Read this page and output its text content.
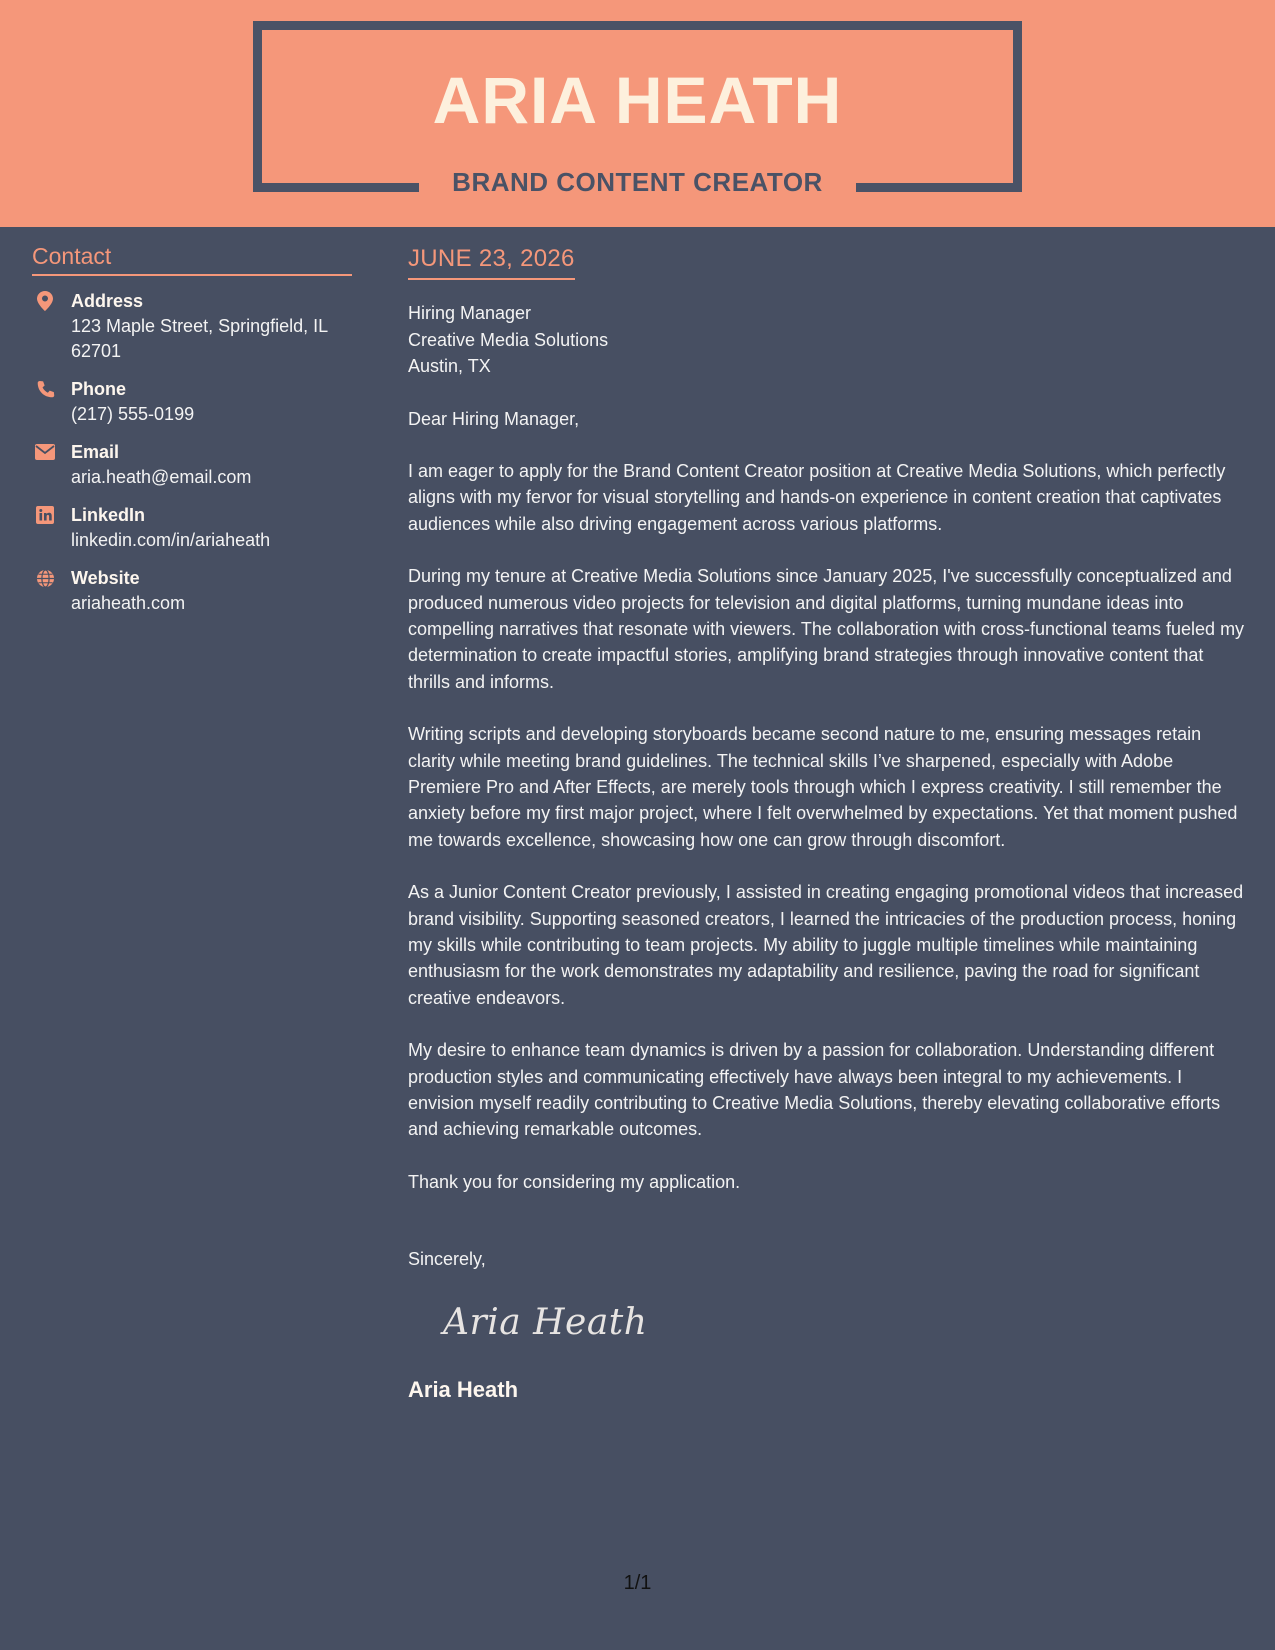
ARIA HEATH
BRAND CONTENT CREATOR
Contact
Address
123 Maple Street, Springfield, IL 62701
Phone
(217) 555-0199
Email
aria.heath@email.com
LinkedIn
linkedin.com/in/ariaheath
Website
ariaheath.com
JUNE 23, 2026
Hiring Manager
Creative Media Solutions
Austin, TX

Dear Hiring Manager,

I am eager to apply for the Brand Content Creator position at Creative Media Solutions, which perfectly aligns with my fervor for visual storytelling and hands-on experience in content creation that captivates audiences while also driving engagement across various platforms.

During my tenure at Creative Media Solutions since January 2025, I've successfully conceptualized and produced numerous video projects for television and digital platforms, turning mundane ideas into compelling narratives that resonate with viewers. The collaboration with cross-functional teams fueled my determination to create impactful stories, amplifying brand strategies through innovative content that thrills and informs.

Writing scripts and developing storyboards became second nature to me, ensuring messages retain clarity while meeting brand guidelines. The technical skills I’ve sharpened, especially with Adobe Premiere Pro and After Effects, are merely tools through which I express creativity. I still remember the anxiety before my first major project, where I felt overwhelmed by expectations. Yet that moment pushed me towards excellence, showcasing how one can grow through discomfort.

As a Junior Content Creator previously, I assisted in creating engaging promotional videos that increased brand visibility. Supporting seasoned creators, I learned the intricacies of the production process, honing my skills while contributing to team projects. My ability to juggle multiple timelines while maintaining enthusiasm for the work demonstrates my adaptability and resilience, paving the road for significant creative endeavors.

My desire to enhance team dynamics is driven by a passion for collaboration. Understanding different production styles and communicating effectively have always been integral to my achievements. I envision myself readily contributing to Creative Media Solutions, thereby elevating collaborative efforts and achieving remarkable outcomes.

Thank you for considering my application.

Sincerely,
Aria Heath
Aria Heath
1/1
